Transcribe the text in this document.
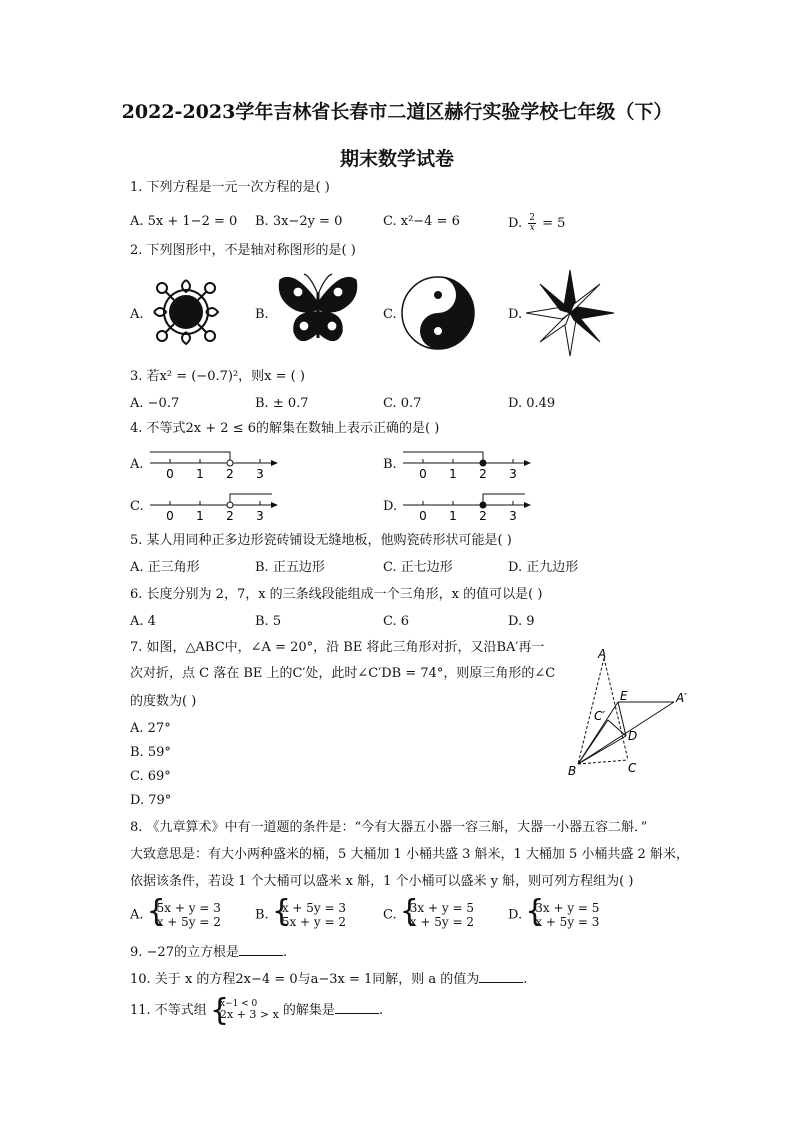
2022-2023学年吉林省长春市二道区赫行实验学校七年级（下）
期末数学试卷
1. 下列方程是一元一次方程的是( )
A. 5x + 1−2 = 0 B. 3x−2y = 0	C. x²−4 = 6	D. $\frac{2}{x} = 5$
2. 下列图形中，不是轴对称图形的是( )
A.	B.	C.	D.
3. 若x² = (−0.7)²，则x = ( )
A. −0.7	B. ± 0.7	C. 0.7	D. 0.49
4. 不等式2x + 2 ≤ 6的解集在数轴上表示正确的是( )
A.	B.
C.	D.
0 1 2 3	0 1 2 3
0 1 2 3	0 1 2 3
5. 某人用同种正多边形瓷砖铺设无缝地板，他购瓷砖形状可能是( )
A. 正三角形	B. 正五边形	C. 正七边形	D. 正九边形
6. 长度分别为 2，7，x 的三条线段能组成一个三角形，x 的值可以是( )
A. 4	B. 5	C. 6	D. 9
7. 如图，△ABC中，∠A = 20°，沿 BE 将此三角形对折，又沿BA′再一
次对折，点 C 落在 BE 上的C′处，此时∠C′DB = 74°，则原三角形的∠C
的度数为( )
A. 27°
B. 59°
C. 69°
D. 79°
A
E	A′
C′
D
B	C
8. 《九章算术》中有一道题的条件是：“今有大器五小器一容三斛，大器一小器五容二斛．”
大致意思是：有大小两种盛米的桶，5 大桶加 1 小桶共盛 3 斛米，1 大桶加 5 小桶共盛 2 斛米，
依据该条件，若设 1 个大桶可以盛米 x 斛，1 个小桶可以盛米 y 斛，则可列方程组为( )
A. { 5x + y = 3
x + 5y = 2	B. { x + 5y = 3
5x + y = 2	C. { 3x + y = 5
x + 5y = 2	D. { 3x + y = 5
x + 5y = 3
9. −27的立方根是	.
10. 关于 x 的方程2x−4 = 0与a−3x = 1同解，则 a 的值为	.
11. 不等式组 { x−1 < 0
2x + 3 > x 的解集是	.
